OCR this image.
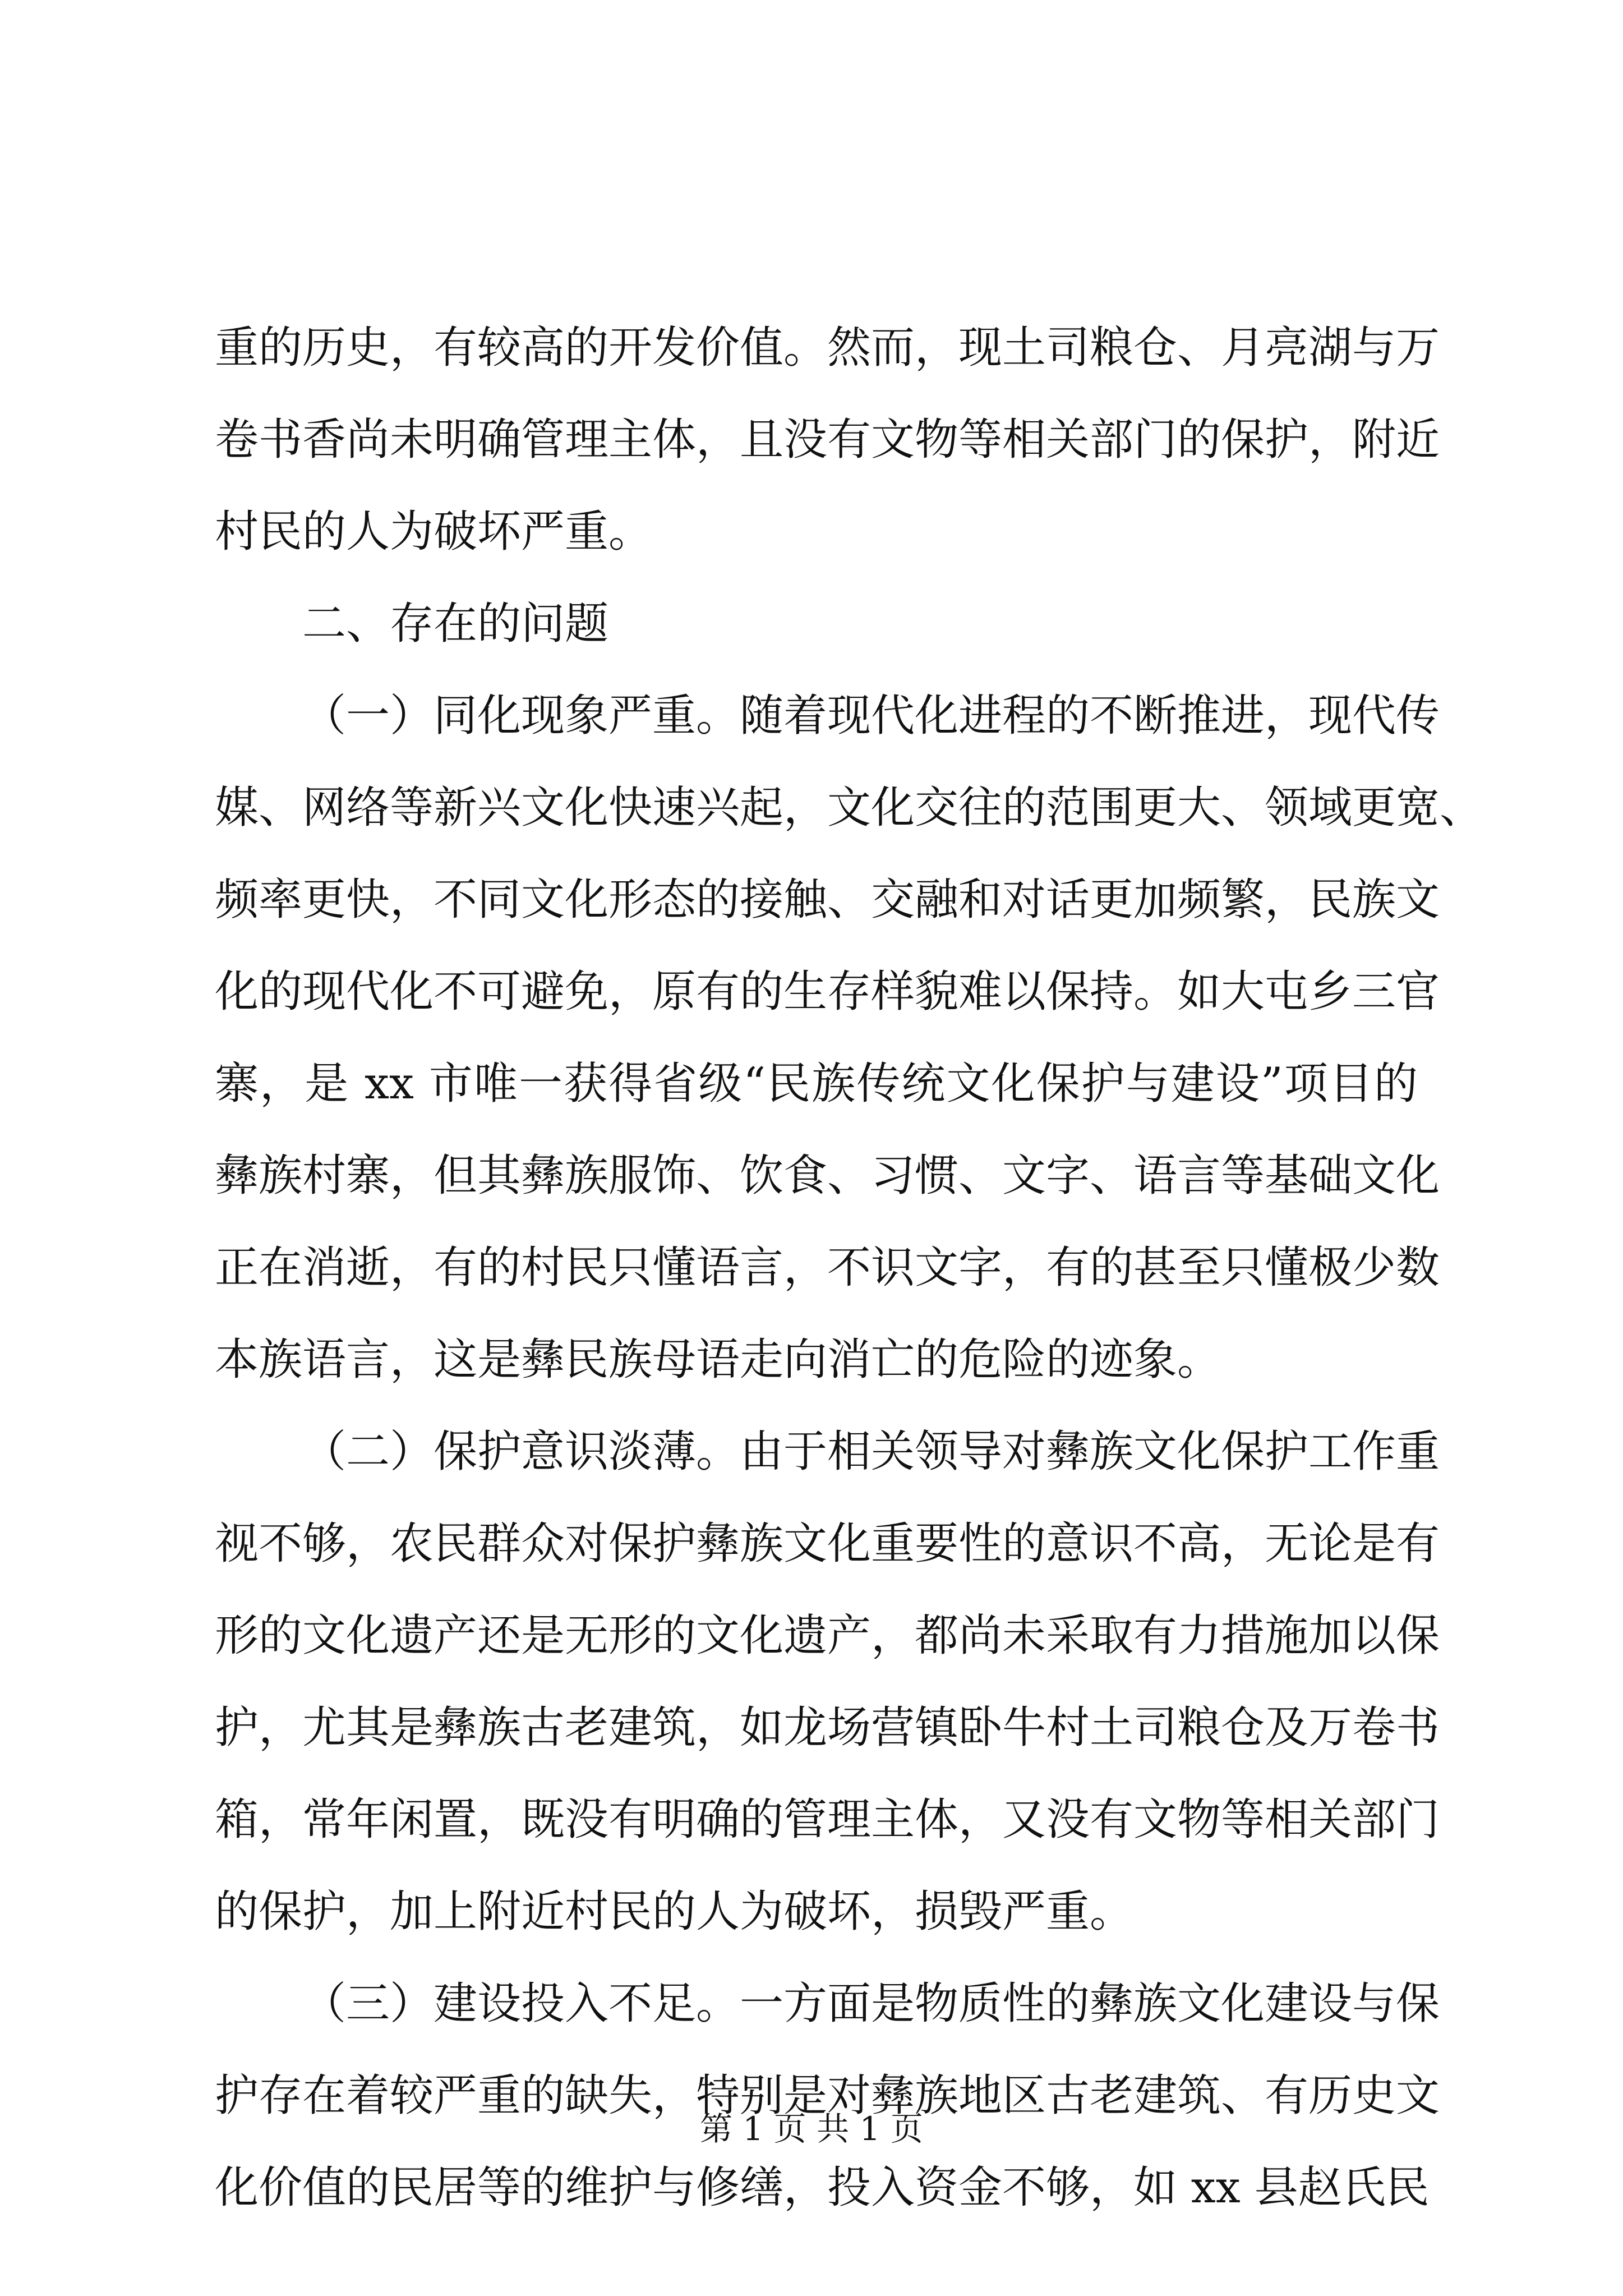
重的历史，有较高的开发价值。然而，现土司粮仓、月亮湖与万
卷书香尚未明确管理主体，且没有文物等相关部门的保护，附近
村民的人为破坏严重。
二、存在的问题
（一）同化现象严重。随着现代化进程的不断推进，现代传
媒、网络等新兴文化快速兴起，文化交往的范围更大、领域更宽、
频率更快，不同文化形态的接触、交融和对话更加频繁，民族文
化的现代化不可避免，原有的生存样貌难以保持。如大屯乡三官
寨，是 xx 市唯一获得省级“民族传统文化保护与建设”项目的
彝族村寨，但其彝族服饰、饮食、习惯、文字、语言等基础文化
正在消逝，有的村民只懂语言，不识文字，有的甚至只懂极少数
本族语言，这是彝民族母语走向消亡的危险的迹象。
（二）保护意识淡薄。由于相关领导对彝族文化保护工作重
视不够，农民群众对保护彝族文化重要性的意识不高，无论是有
形的文化遗产还是无形的文化遗产，都尚未采取有力措施加以保
护，尤其是彝族古老建筑，如龙场营镇卧牛村土司粮仓及万卷书
箱，常年闲置，既没有明确的管理主体，又没有文物等相关部门
的保护，加上附近村民的人为破坏，损毁严重。
（三）建设投入不足。一方面是物质性的彝族文化建设与保
护存在着较严重的缺失，特别是对彝族地区古老建筑、有历史文
化价值的民居等的维护与修缮，投入资金不够，如 xx 县赵氏民
第 1 页 共 1 页
